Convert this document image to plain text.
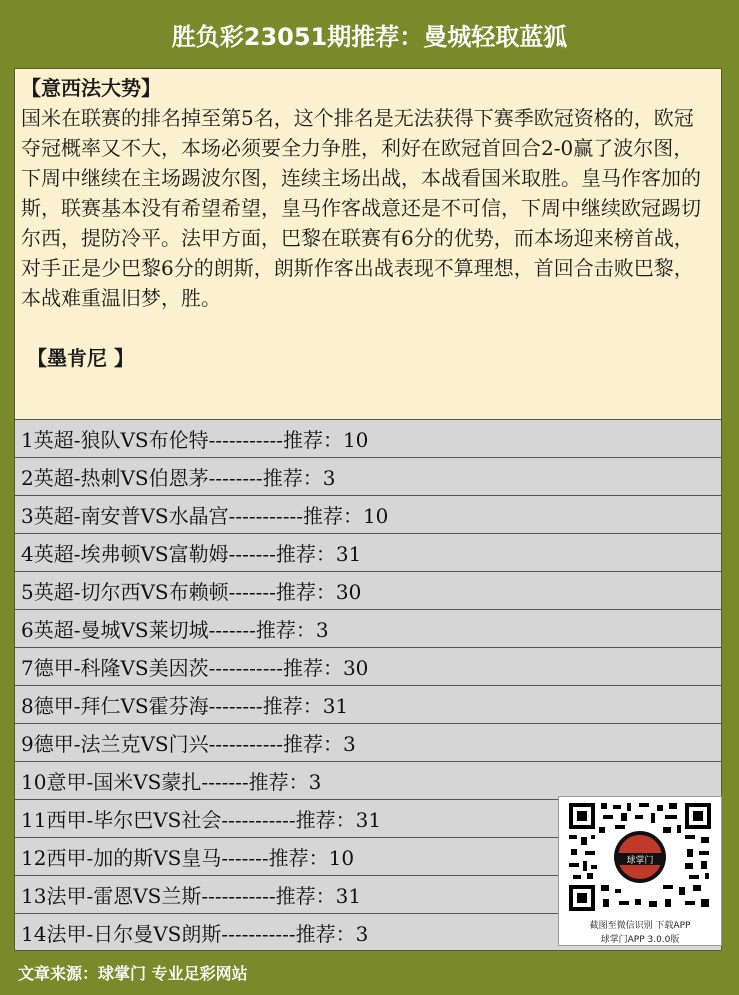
胜负彩23051期推荐：曼城轻取蓝狐

【意西法大势】

国米在联赛的排名掉至第5名，这个排名是无法获得下赛季欧冠资格的，欧冠夺冠概率又不大，本场必须要全力争胜，利好在欧冠首回合2-0赢了波尔图，下周中继续在主场踢波尔图，连续主场出战，本战看国米取胜。皇马作客加的斯，联赛基本没有希望希望，皇马作客战意还是不可信，下周中继续欧冠踢切尔西，提防冷平。法甲方面，巴黎在联赛有6分的优势，而本场迎来榜首战，对手正是少巴黎6分的朗斯，朗斯作客出战表现不算理想，首回合击败巴黎，本战难重温旧梦，胜。

【墨肯尼 】

1英超-狼队VS布伦特-----------推荐：10
2英超-热刺VS伯恩茅--------推荐：3
3英超-南安普VS水晶宫-----------推荐：10
4英超-埃弗顿VS富勒姆-------推荐：31
5英超-切尔西VS布赖顿-------推荐：30
6英超-曼城VS莱切城-------推荐：3
7德甲-科隆VS美因茨-----------推荐：30
8德甲-拜仁VS霍芬海--------推荐：31
9德甲-法兰克VS门兴-----------推荐：3
10意甲-国米VS蒙扎-------推荐：3
11西甲-毕尔巴VS社会-----------推荐：31
12西甲-加的斯VS皇马-------推荐：10
13法甲-雷恩VS兰斯-----------推荐：31
14法甲-日尔曼VS朗斯-----------推荐：3
球掌门
截图至微信识别 下载APP
球掌门APP 3.0.0版
文章来源：球掌门 专业足彩网站
